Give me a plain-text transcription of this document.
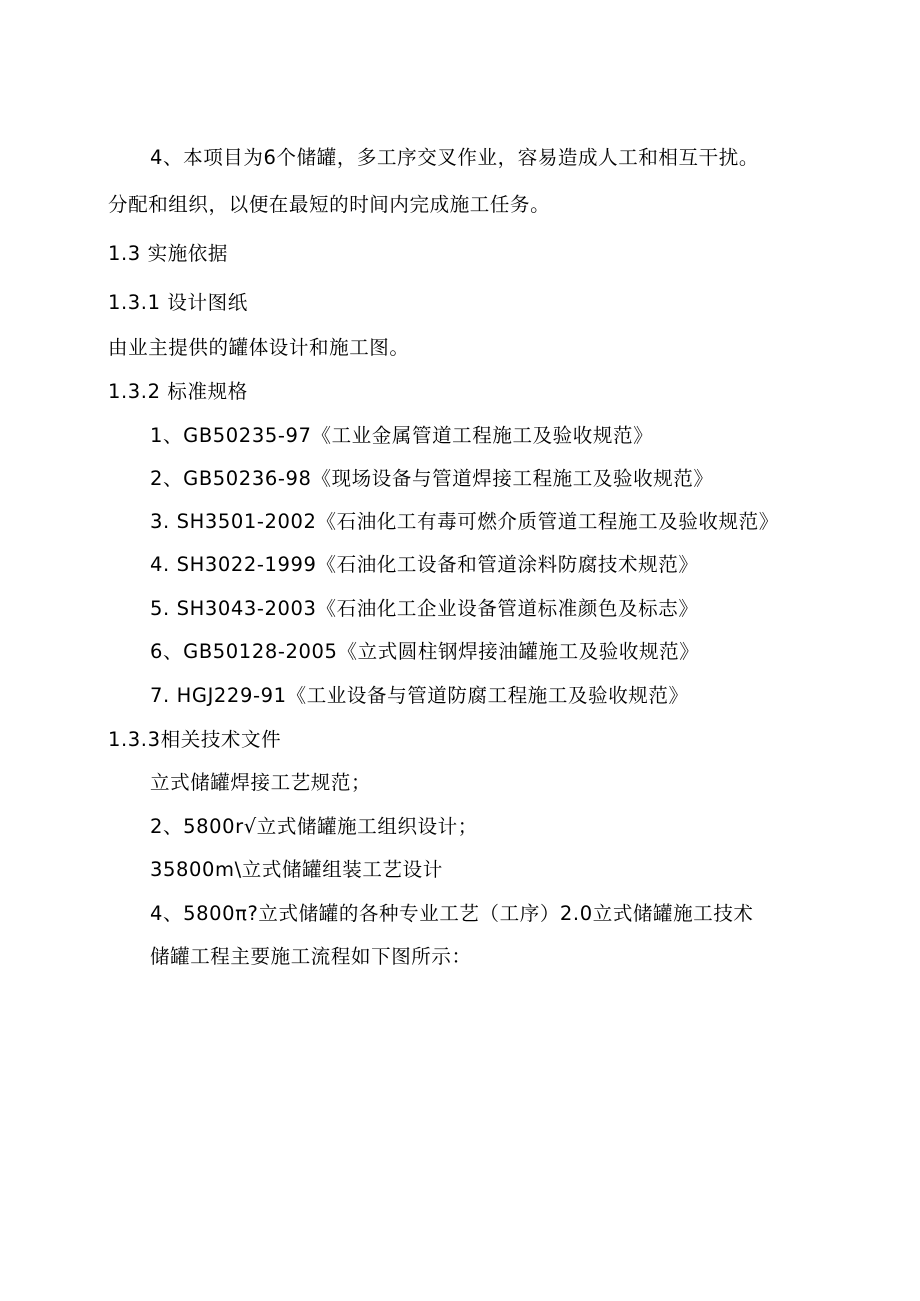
4、本项目为6个储罐，多工序交叉作业，容易造成人工和相互干扰。
分配和组织，以便在最短的时间内完成施工任务。
1.3 实施依据
1.3.1 设计图纸
由业主提供的罐体设计和施工图。
1.3.2 标准规格
1、GB50235-97《工业金属管道工程施工及验收规范》
2、GB50236-98《现场设备与管道焊接工程施工及验收规范》
3. SH3501-2002《石油化工有毒可燃介质管道工程施工及验收规范》
4. SH3022-1999《石油化工设备和管道涂料防腐技术规范》
5. SH3043-2003《石油化工企业设备管道标准颜色及标志》
6、GB50128-2005《立式圆柱钢焊接油罐施工及验收规范》
7. HGJ229-91《工业设备与管道防腐工程施工及验收规范》
1.3.3相关技术文件
立式储罐焊接工艺规范；
2、5800r√立式储罐施工组织设计；
35800m\立式储罐组装工艺设计
4、5800π?立式储罐的各种专业工艺（工序）2.0立式储罐施工技术
储罐工程主要施工流程如下图所示：
